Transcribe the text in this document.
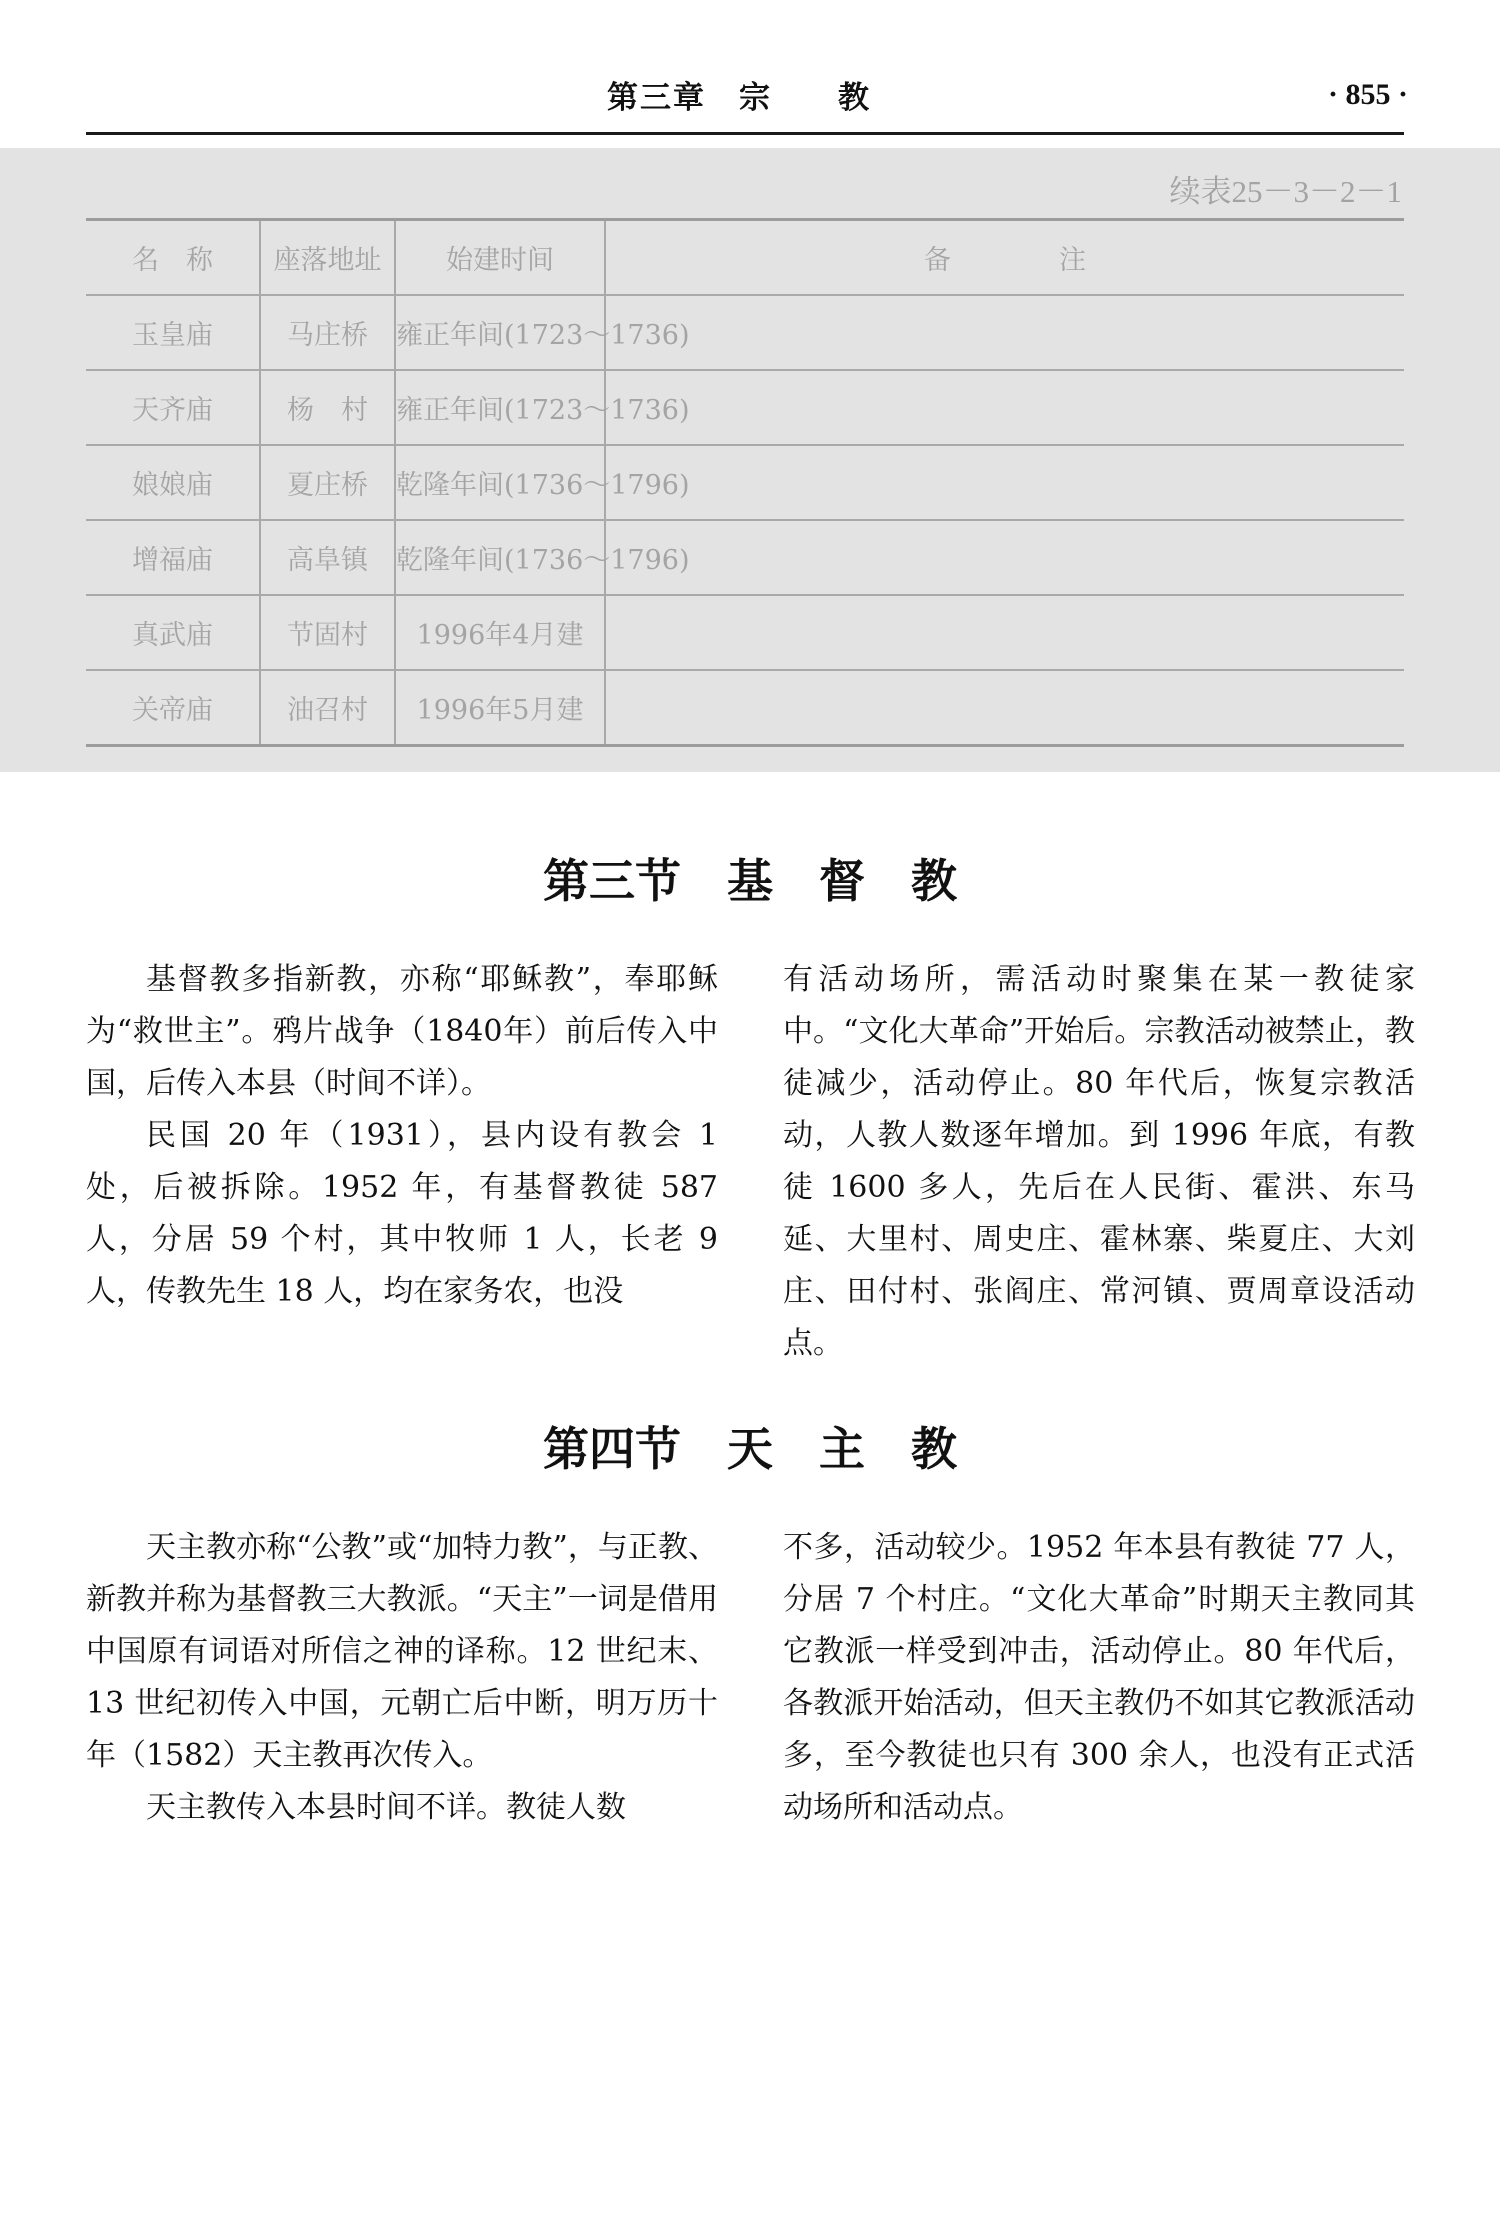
第三章　宗　　教	· 855 ·
续表25－3－2－1
名　称	座落地址	始建时间	备　　　　注
玉皇庙	马庄桥	雍正年间(1723～1736)	
天齐庙	杨　村	雍正年间(1723～1736)	
娘娘庙	夏庄桥	乾隆年间(1736～1796)	
增福庙	高阜镇	乾隆年间(1736～1796)	
真武庙	节固村	1996年4月建	
关帝庙	油召村	1996年5月建	
第三节　基　督　教

基督教多指新教，亦称“耶稣教”，奉耶稣为“救世主”。鸦片战争（1840年）前后传入中国，后传入本县（时间不详）。

民国 20 年（1931），县内设有教会 1 处，后被拆除。1952 年，有基督教徒 587 人，分居 59 个村，其中牧师 1 人，长老 9 人，传教先生 18 人，均在家务农，也没

有活动场所，需活动时聚集在某一教徒家中。“文化大革命”开始后。宗教活动被禁止，教徒减少，活动停止。80 年代后，恢复宗教活动，人教人数逐年增加。到 1996 年底，有教徒 1600 多人，先后在人民街、霍洪、东马延、大里村、周史庄、霍林寨、柴夏庄、大刘庄、田付村、张阎庄、常河镇、贾周章设活动点。

第四节　天　主　教

天主教亦称“公教”或“加特力教”，与正教、新教并称为基督教三大教派。“天主”一词是借用中国原有词语对所信之神的译称。12 世纪末、13 世纪初传入中国，元朝亡后中断，明万历十年（1582）天主教再次传入。

天主教传入本县时间不详。教徒人数

不多，活动较少。1952 年本县有教徒 77 人，分居 7 个村庄。“文化大革命”时期天主教同其它教派一样受到冲击，活动停止。80 年代后，各教派开始活动，但天主教仍不如其它教派活动多，至今教徒也只有 300 余人，也没有正式活动场所和活动点。
